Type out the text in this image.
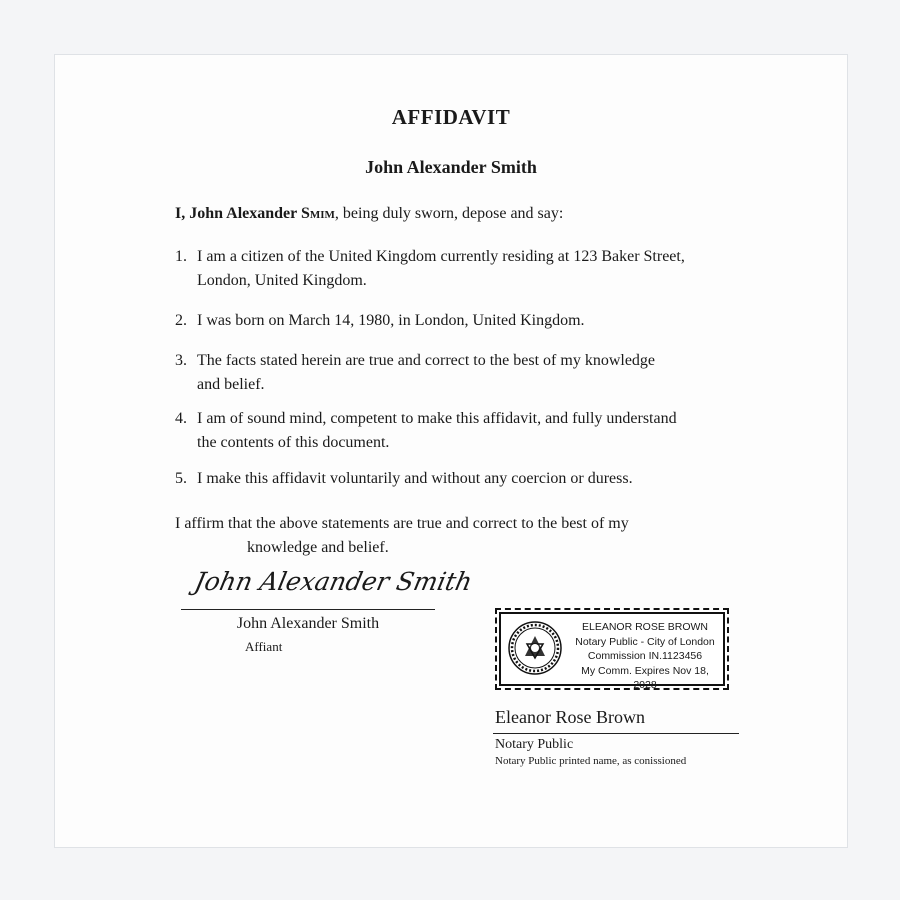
AFFIDAVIT
John Alexander Smith
I, John Alexander Smim, being duly sworn, depose and say:
1. I am a citizen of the United Kingdom currently residing at 123 Baker Street,
London, United Kingdom.
2. I was born on March 14, 1980, in London, United Kingdom.
3. The facts stated herein are true and correct to the best of my knowledge
and belief.
4. I am of sound mind, competent to make this affidavit, and fully understand
the contents of this document.
5. I make this affidavit voluntarily and without any coercion or duress.
I affirm that the above statements are true and correct to the best of my
knowledge and belief.
John Alexander Smith
John Alexander Smith
Affiant
ELEANOR ROSE BROWN
Notary Public - City of London
Commission IN.1123456
My Comm. Expires Nov 18, 2028
Eleanor Rose Brown
Notary Public
Notary Public printed name, as conissioned
